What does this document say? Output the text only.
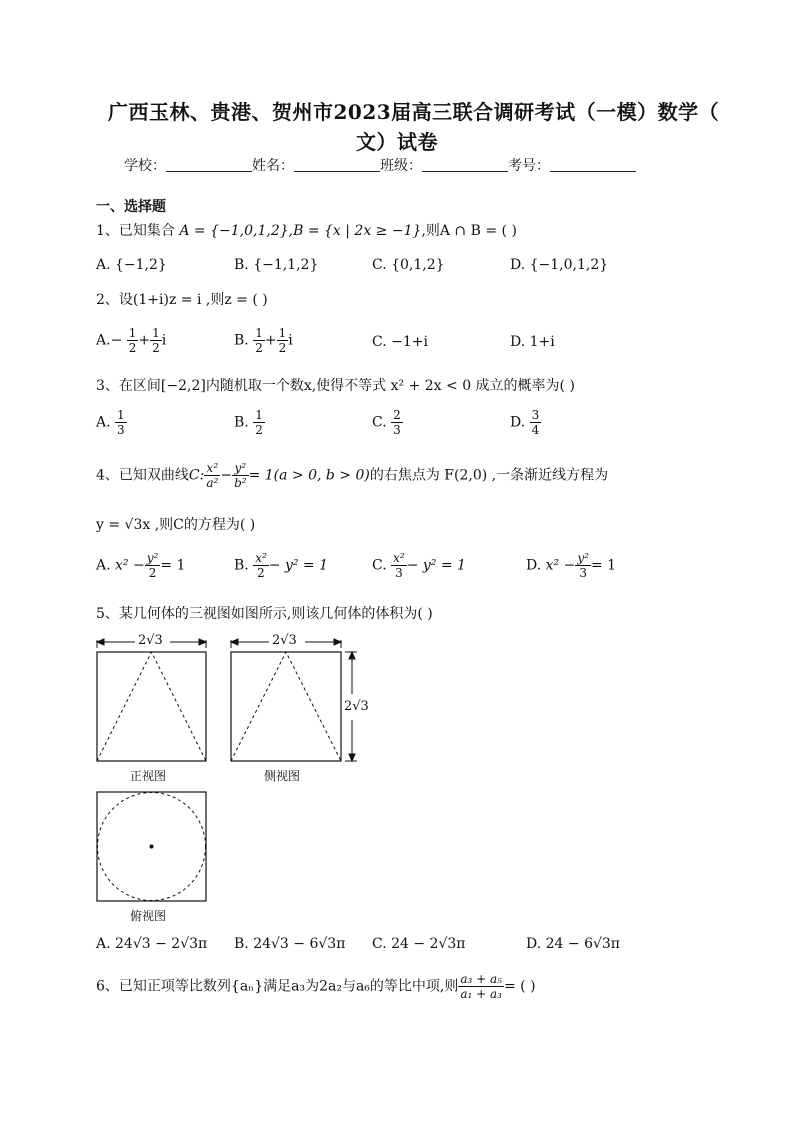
广西玉林、贵港、贺州市2023届高三联合调研考试（一模）数学（
文）试卷
学校：	姓名：	班级：	考号：
一、选择题
1、已知集合 A = {−1,0,1,2},B = {x | 2x ≥ −1},则A ∩ B = ( )
A. {−1,2}	B. {−1,1,2}	C. {0,1,2}	D. {−1,0,1,2}
2、设(1+i)z = i ,则z = ( )
$A.- \frac{1}{2} + \frac{1}{2}$ i	B. $\frac{1}{2} + \frac{1}{2}$ i	C. −1+i	D. 1+i
3、在区间[−2,2]内随机取一个数x,使得不等式 x² + 2x < 0 成立的概率为( )
A. $\frac{1}{3}$	B. $\frac{1}{2}$	C. $\frac{2}{3}$	D. $\frac{3}{4}$
4、已知双曲线C: $\frac{\text{x²}}{\text{a²}} - \frac{\text{y²}}{\text{b²}} = 1(a > 0$, b > 0)的右焦点为 F(2,0) ,一条渐近线方程为
y = √3x ,则C的方程为( )
A. $x^2 - \frac{\text{y²}}{2} = 1$	B. $\frac{\text{x²}}{2} - y^2 = 1$	C. $\frac{\text{x²}}{3} - y^2 = 1$	D. $x^2 - \frac{\text{y²}}{3} = 1$
5、某几何体的三视图如图所示,则该几何体的体积为( )
2√3	2√3
2√3
正视图	侧视图
俯视图
A. 24√3 − 2√3π B. 24√3 − 6√3π C. 24 − 2√3π	D. 24 − 6√3π
6、已知正项等比数列{aₙ}满足a₃为2a₂与a₆的等比中项,则 $\frac{\text{a₃ + a₅}}{\text{a₁ + a₃}}$ = ( )
